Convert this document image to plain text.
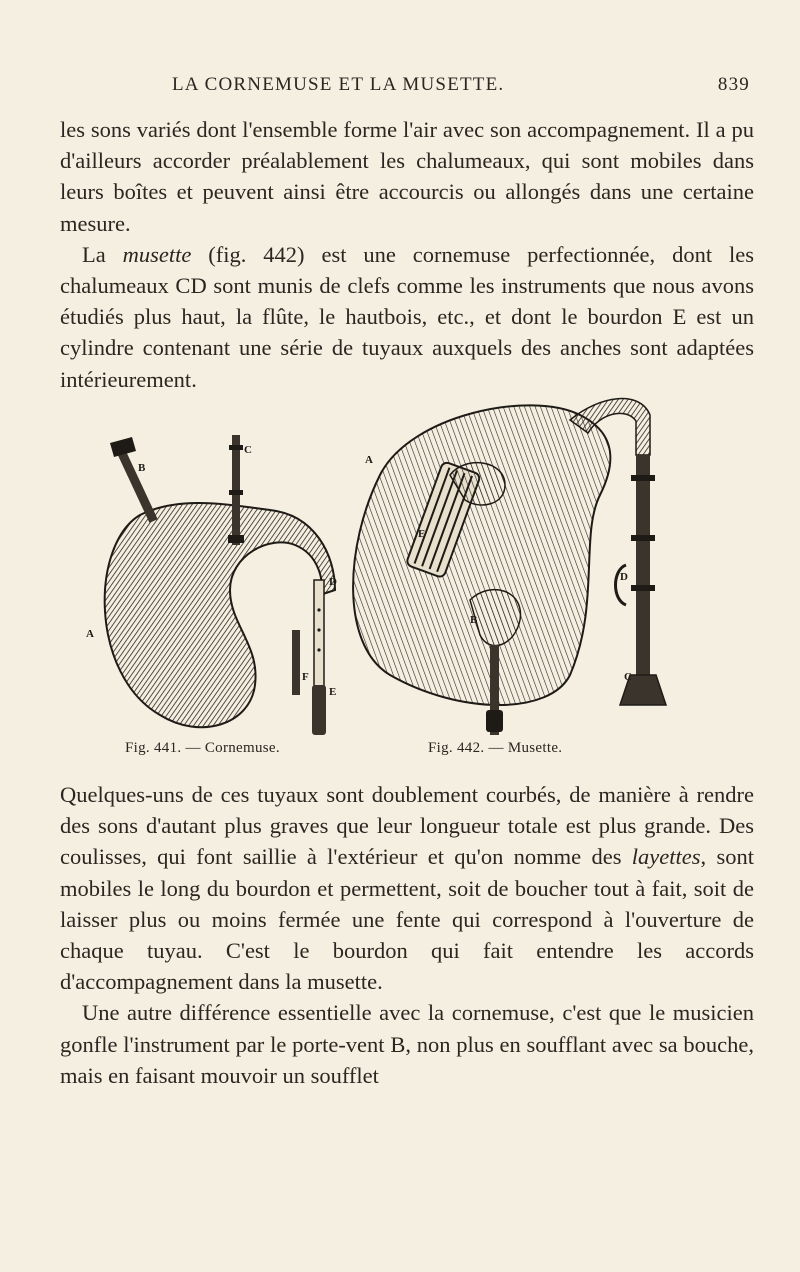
LA CORNEMUSE ET LA MUSETTE.	839

les sons variés dont l'ensemble forme l'air avec son accompagnement. Il a pu d'ailleurs accorder préalablement les chalumeaux, qui sont mobiles dans leurs boîtes et peuvent ainsi être accourcis ou allongés dans une certaine mesure.
La musette (fig. 442) est une cornemuse perfectionnée, dont les chalumeaux CD sont munis de clefs comme les instruments que nous avons étudiés plus haut, la flûte, le hautbois, etc., et dont le bourdon E est un cylindre contenant une série de tuyaux auxquels des anches sont adaptées intérieurement.

B
C
D
A
F
E
A
E
B
D
C
Fig. 441. — Cornemuse.	Fig. 442. — Musette.

Quelques-uns de ces tuyaux sont doublement courbés, de manière à rendre des sons d'autant plus graves que leur longueur totale est plus grande. Des coulisses, qui font saillie à l'extérieur et qu'on nomme des layettes, sont mobiles le long du bourdon et permettent, soit de boucher tout à fait, soit de laisser plus ou moins fermée une fente qui correspond à l'ouverture de chaque tuyau. C'est le bourdon qui fait entendre les accords d'accompagnement dans la musette.
Une autre différence essentielle avec la cornemuse, c'est que le musicien gonfle l'instrument par le porte-vent B, non plus en soufflant avec sa bouche, mais en faisant mouvoir un soufflet
